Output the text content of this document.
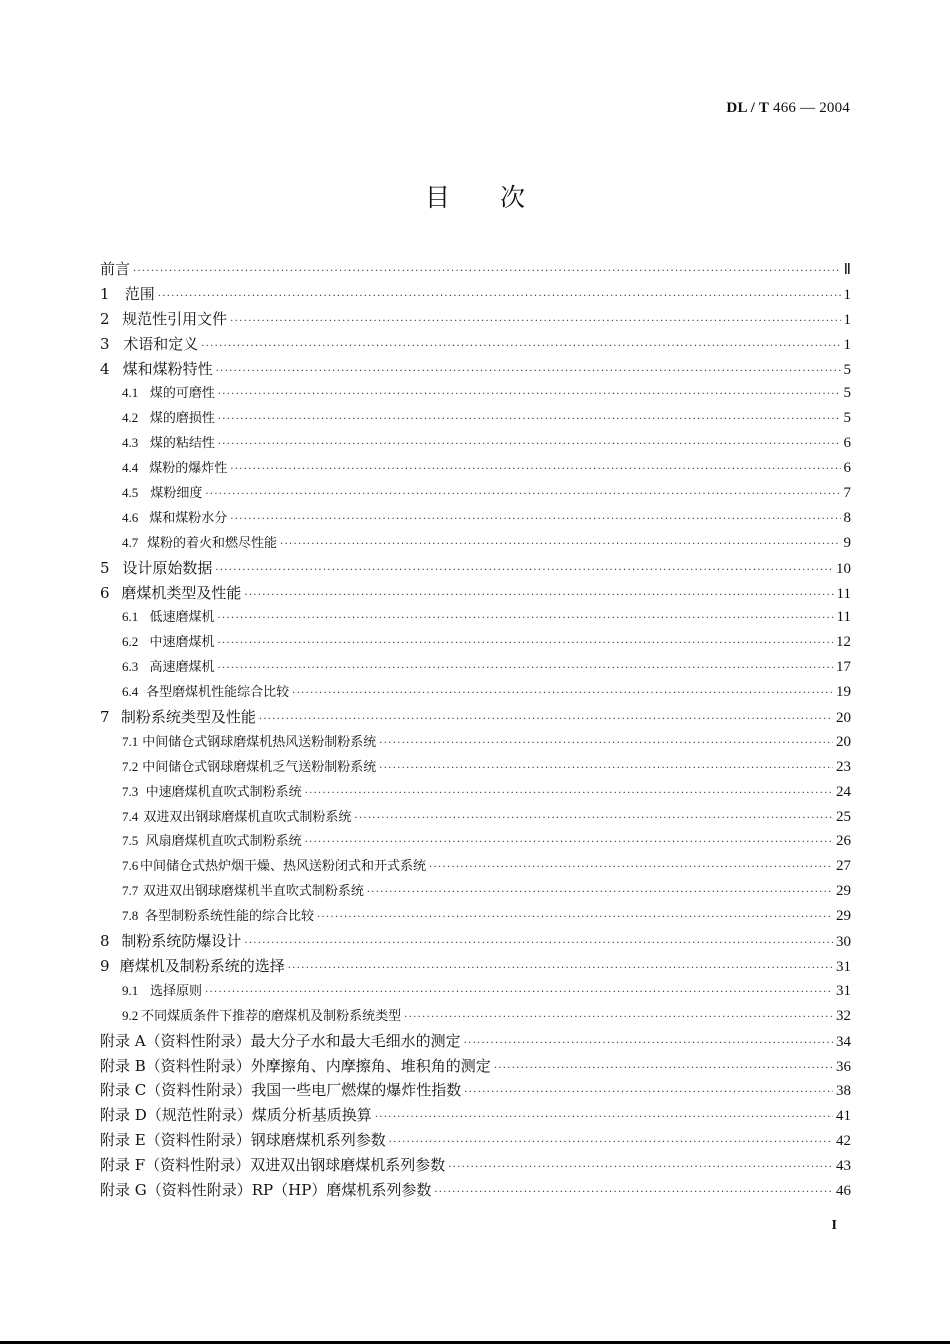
DL / T 466 — 2004
目 次
前言 ·····	Ⅱ
1	范围 ·····	1
2 规范性引用文件 ·····	1
3 术语和定义 ·····	1
4 煤和煤粉特性 ·····	5
4.1 煤的可磨性 ·····	5
4.2 煤的磨损性 ·····	5
4.3 煤的粘结性 ·····	6
4.4 煤粉的爆炸性 ·····	6
4.5 煤粉细度 ·····	7
4.6 煤和煤粉水分 ·····	8
4.7 煤粉的着火和燃尽性能 ·····	9
5 设计原始数据 ·····	10
6 磨煤机类型及性能 ·····	11
6.1 低速磨煤机 ·····	11
6.2 中速磨煤机 ·····	12
6.3 高速磨煤机 ·····	17
6.4 各型磨煤机性能综合比较 ·····	19
7 制粉系统类型及性能 ·····	20
7.1 中间储仓式钢球磨煤机热风送粉制粉系统 ·····	20
7.2 中间储仓式钢球磨煤机乏气送粉制粉系统 ·····	23
7.3 中速磨煤机直吹式制粉系统 ·····	24
7.4 双进双出钢球磨煤机直吹式制粉系统 ·····	25
7.5 风扇磨煤机直吹式制粉系统 ·····	26
7.6 中间储仓式热炉烟干燥、热风送粉闭式和开式系统 ·····	27
7.7 双进双出钢球磨煤机半直吹式制粉系统 ·····	29
7.8 各型制粉系统性能的综合比较 ·····	29
8 制粉系统防爆设计 ·····	30
9 磨煤机及制粉系统的选择 ·····	31
9.1 选择原则 ·····	31
9.2 不同煤质条件下推荐的磨煤机及制粉系统类型 ·····	32
附录 A（资料性附录） 最大分子水和最大毛细水的测定 ·····	34
附录 B（资料性附录） 外摩擦角、内摩擦角、堆积角的测定 ·····	36
附录 C（资料性附录） 我国一些电厂燃煤的爆炸性指数 ·····	38
附录 D（规范性附录） 煤质分析基质换算 ·····	41
附录 E（资料性附录） 钢球磨煤机系列参数 ·····	42
附录 F（资料性附录） 双进双出钢球磨煤机系列参数 ·····	43
附录 G（资料性附录） RP（HP）磨煤机系列参数 ·····	46
I
